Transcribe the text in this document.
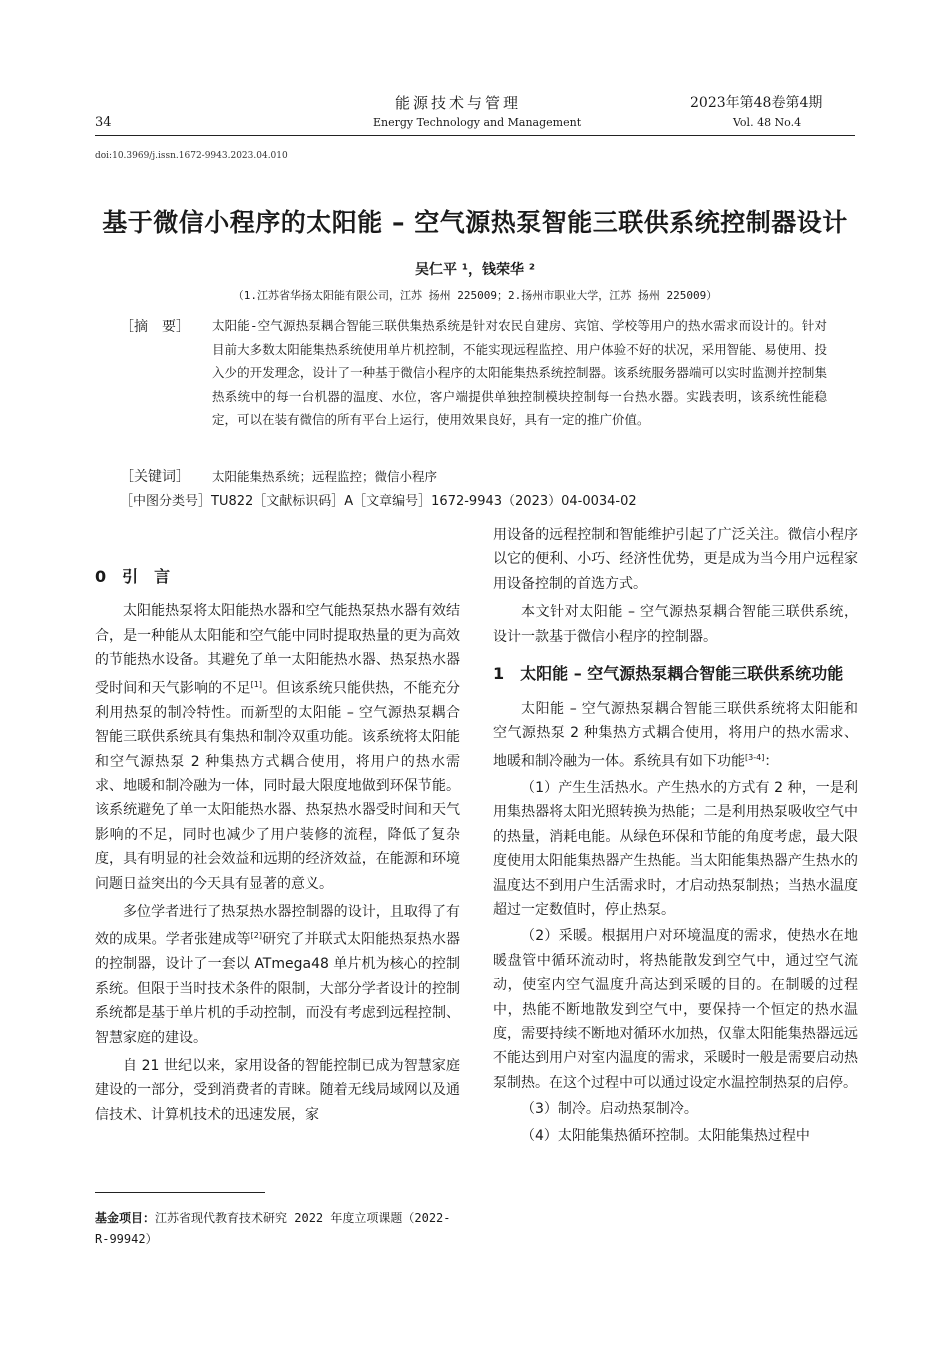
能源技术与管理
Energy Technology and Management
34
2023年第48卷第4期
Vol. 48 No.4
doi:10.3969/j.issn.1672-9943.2023.04.010
基于微信小程序的太阳能 – 空气源热泵智能三联供系统控制器设计
吴仁平 ¹，钱荣华 ²
（1.江苏省华扬太阳能有限公司，江苏 扬州 225009；2.扬州市职业大学，江苏 扬州 225009）
［摘　要］ 太阳能-空气源热泵耦合智能三联供集热系统是针对农民自建房、宾馆、学校等用户的热水需求而设计的。针对目前大多数太阳能集热系统使用单片机控制，不能实现远程监控、用户体验不好的状况，采用智能、易使用、投入少的开发理念，设计了一种基于微信小程序的太阳能集热系统控制器。该系统服务器端可以实时监测并控制集热系统中的每一台机器的温度、水位，客户端提供单独控制模块控制每一台热水器。实践表明，该系统性能稳定，可以在装有微信的所有平台上运行，使用效果良好，具有一定的推广价值。
［关键词］ 太阳能集热系统；远程监控；微信小程序
［中图分类号］TU822［文献标识码］A［文章编号］1672-9943（2023）04-0034-02
0　引　言

太阳能热泵将太阳能热水器和空气能热泵热水器有效结合，是一种能从太阳能和空气能中同时提取热量的更为高效的节能热水设备。其避免了单一太阳能热水器、热泵热水器受时间和天气影响的不足[1]。但该系统只能供热，不能充分利用热泵的制冷特性。而新型的太阳能 – 空气源热泵耦合智能三联供系统具有集热和制冷双重功能。该系统将太阳能和空气源热泵 2 种集热方式耦合使用，将用户的热水需求、地暖和制冷融为一体，同时最大限度地做到环保节能。该系统避免了单一太阳能热水器、热泵热水器受时间和天气影响的不足，同时也减少了用户装修的流程，降低了复杂度，具有明显的社会效益和远期的经济效益，在能源和环境问题日益突出的今天具有显著的意义。

多位学者进行了热泵热水器控制器的设计，且取得了有效的成果。学者张建成等[2]研究了并联式太阳能热泵热水器的控制器，设计了一套以 ATmega48 单片机为核心的控制系统。但限于当时技术条件的限制，大部分学者设计的控制系统都是基于单片机的手动控制，而没有考虑到远程控制、智慧家庭的建设。

自 21 世纪以来，家用设备的智能控制已成为智慧家庭建设的一部分，受到消费者的青睐。随着无线局域网以及通信技术、计算机技术的迅速发展，家

基金项目：江苏省现代教育技术研究 2022 年度立项课题（2022-R-99942）

用设备的远程控制和智能维护引起了广泛关注。微信小程序以它的便利、小巧、经济性优势，更是成为当今用户远程家用设备控制的首选方式。

本文针对太阳能 – 空气源热泵耦合智能三联供系统，设计一款基于微信小程序的控制器。

1　太阳能 – 空气源热泵耦合智能三联供系统功能

太阳能 – 空气源热泵耦合智能三联供系统将太阳能和空气源热泵 2 种集热方式耦合使用，将用户的热水需求、地暖和制冷融为一体。系统具有如下功能[3-4]：

（1）产生生活热水。产生热水的方式有 2 种，一是利用集热器将太阳光照转换为热能；二是利用热泵吸收空气中的热量，消耗电能。从绿色环保和节能的角度考虑，最大限度使用太阳能集热器产生热能。当太阳能集热器产生热水的温度达不到用户生活需求时，才启动热泵制热；当热水温度超过一定数值时，停止热泵。

（2）采暖。根据用户对环境温度的需求，使热水在地暖盘管中循环流动时，将热能散发到空气中，通过空气流动，使室内空气温度升高达到采暖的目的。在制暖的过程中，热能不断地散发到空气中，要保持一个恒定的热水温度，需要持续不断地对循环水加热，仅靠太阳能集热器远远不能达到用户对室内温度的需求，采暖时一般是需要启动热泵制热。在这个过程中可以通过设定水温控制热泵的启停。

（3）制冷。启动热泵制冷。

（4）太阳能集热循环控制。太阳能集热过程中
